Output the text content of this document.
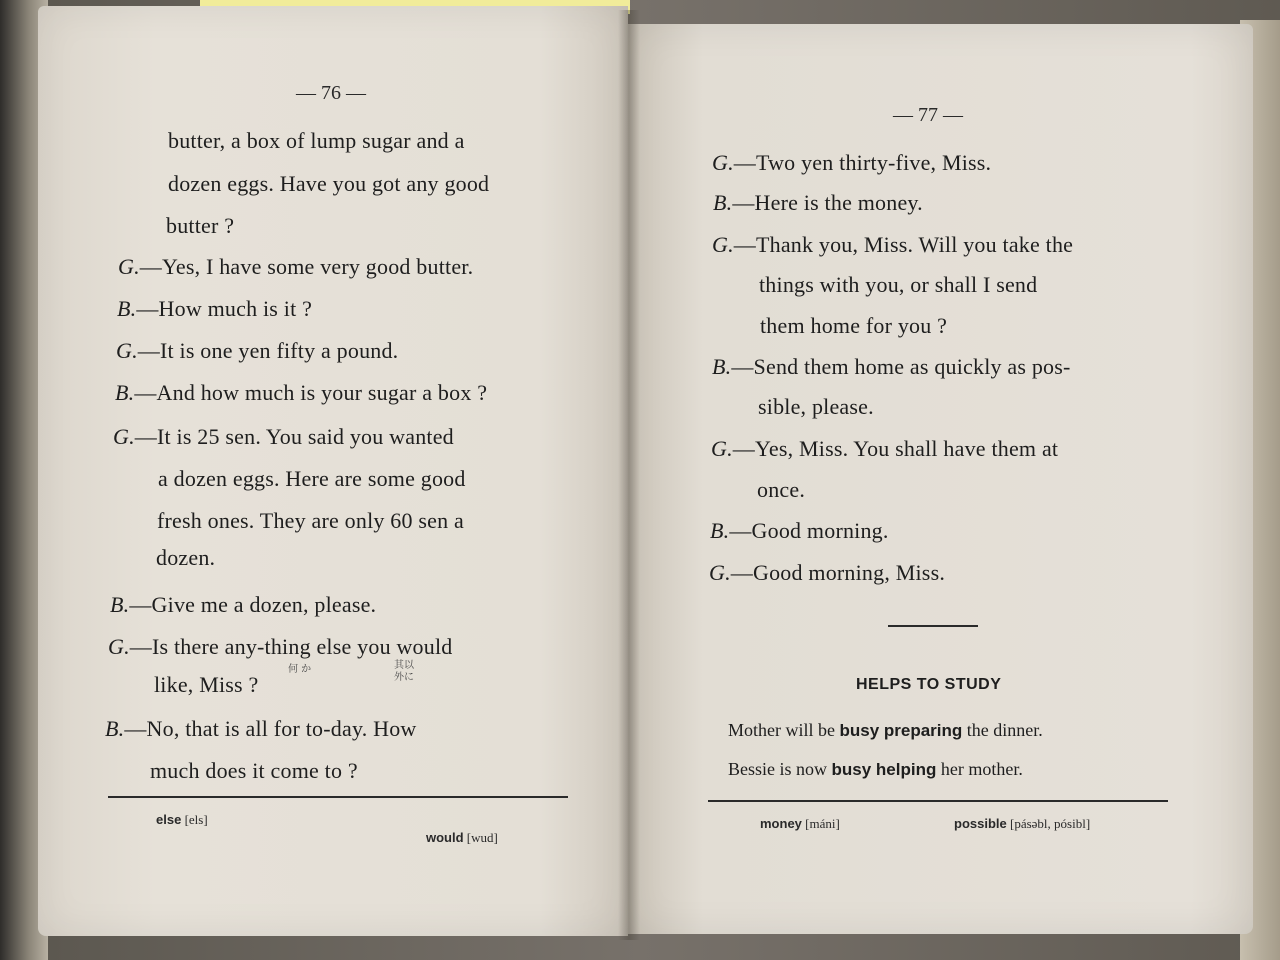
— 76 —
butter, a box of lump sugar and a
dozen eggs. Have you got any good
butter ?
G.—Yes, I have some very good butter.
B.—How much is it ?
G.—It is one yen fifty a pound.
B.—And how much is your sugar a box ?
G.—It is 25 sen. You said you wanted
a dozen eggs. Here are some good
fresh ones. They are only 60 sen a
dozen.
B.—Give me a dozen, please.
G.—Is there any-thing else you would
like, Miss ?
B.—No, that is all for to-day. How
much does it come to ?
何 か	其以 外に
else [els]
would [wud]
— 77 —
G.—Two yen thirty-five, Miss.
B.—Here is the money.
G.—Thank you, Miss. Will you take the
things with you, or shall I send
them home for you ?
B.—Send them home as quickly as pos-
sible, please.
G.—Yes, Miss. You shall have them at
once.
B.—Good morning.
G.—Good morning, Miss.
HELPS TO STUDY
Mother will be busy preparing the dinner.
Bessie is now busy helping her mother.
money [máni]	possible [pásəbl, pósibl]
